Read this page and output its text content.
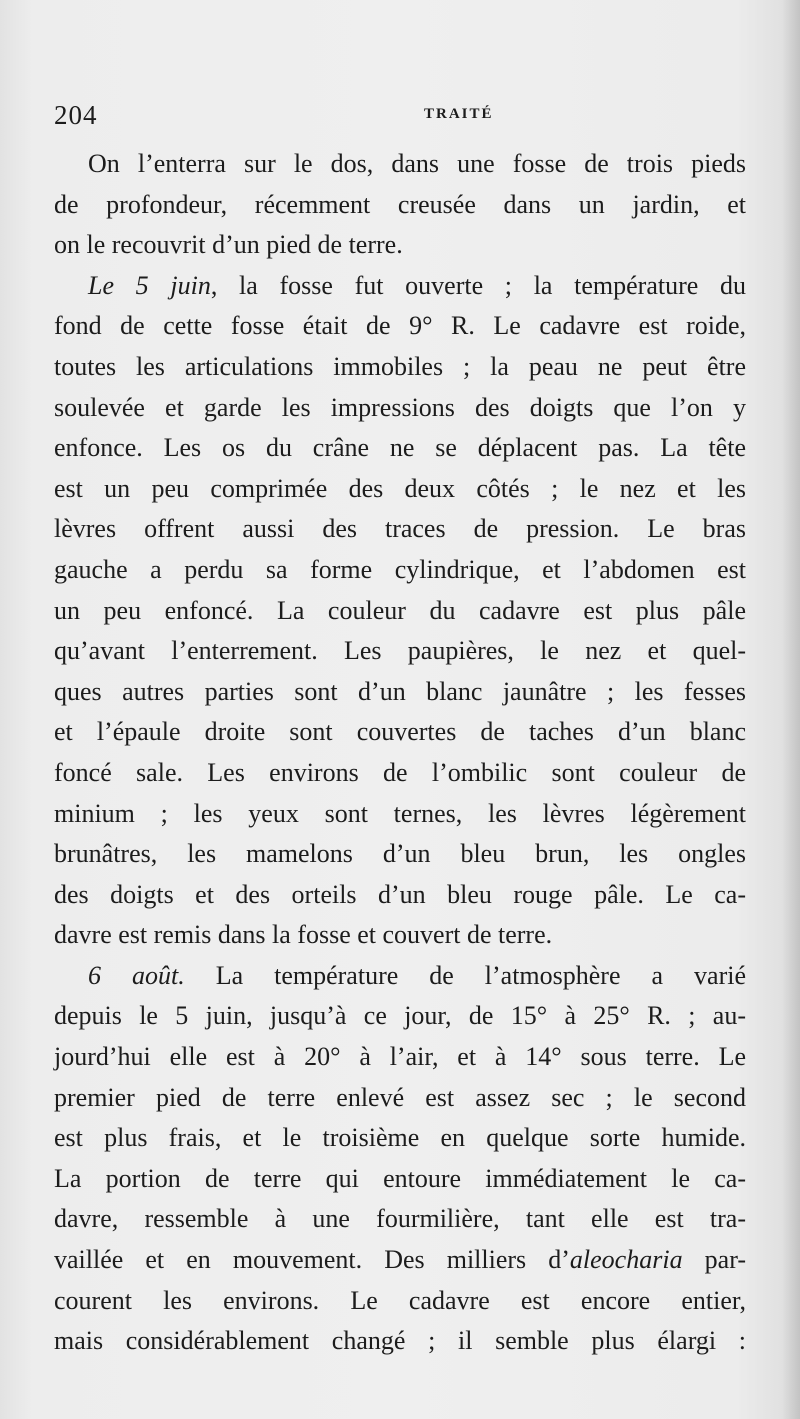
204	TRAITÉ
On l’enterra sur le dos, dans une fosse de trois pieds
de profondeur, récemment creusée dans un jardin, et
on le recouvrit d’un pied de terre.
Le 5 juin, la fosse fut ouverte ; la température du
fond de cette fosse était de 9° R. Le cadavre est roide,
toutes les articulations immobiles ; la peau ne peut être
soulevée et garde les impressions des doigts que l’on y
enfonce. Les os du crâne ne se déplacent pas. La tête
est un peu comprimée des deux côtés ; le nez et les
lèvres offrent aussi des traces de pression. Le bras
gauche a perdu sa forme cylindrique, et l’abdomen est
un peu enfoncé. La couleur du cadavre est plus pâle
qu’avant l’enterrement. Les paupières, le nez et quel-
ques autres parties sont d’un blanc jaunâtre ; les fesses
et l’épaule droite sont couvertes de taches d’un blanc
foncé sale. Les environs de l’ombilic sont couleur de
minium ; les yeux sont ternes, les lèvres légèrement
brunâtres, les mamelons d’un bleu brun, les ongles
des doigts et des orteils d’un bleu rouge pâle. Le ca-
davre est remis dans la fosse et couvert de terre.
6 août. La température de l’atmosphère a varié
depuis le 5 juin, jusqu’à ce jour, de 15° à 25° R. ; au-
jourd’hui elle est à 20° à l’air, et à 14° sous terre. Le
premier pied de terre enlevé est assez sec ; le second
est plus frais, et le troisième en quelque sorte humide.
La portion de terre qui entoure immédiatement le ca-
davre, ressemble à une fourmilière, tant elle est tra-
vaillée et en mouvement. Des milliers d’aleocharia par-
courent les environs. Le cadavre est encore entier,
mais considérablement changé ; il semble plus élargi :
